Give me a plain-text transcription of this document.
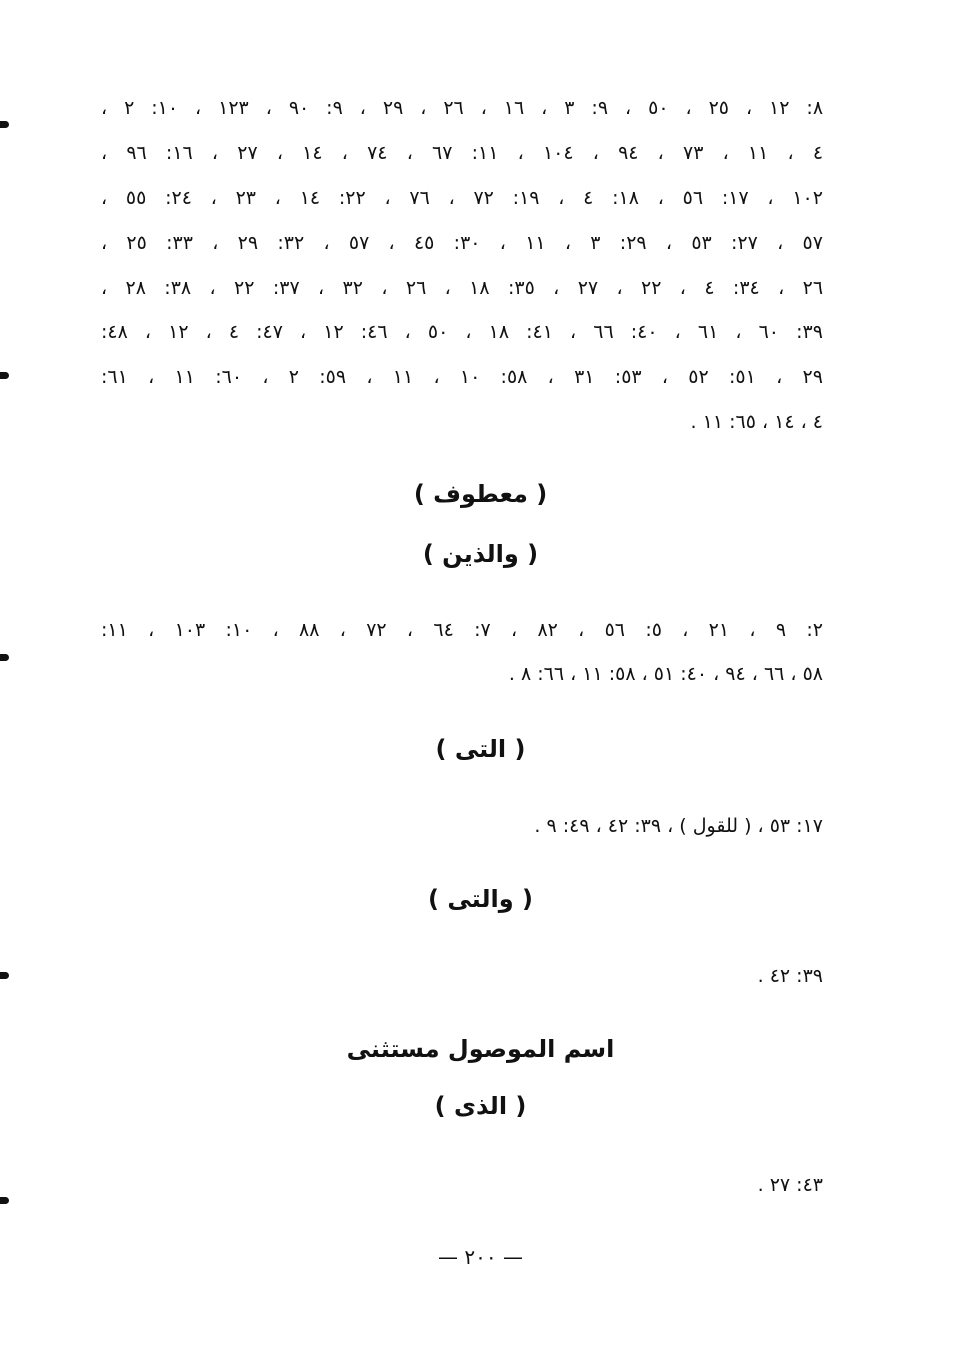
٨: ١٢ ، ٢٥ ، ٥٠ ، ٩: ٣ ، ١٦ ، ٢٦ ، ٢٩ ، ٩: ٩٠ ، ١٢٣ ، ١٠: ٢ ،
٤ ، ١١ ، ٧٣ ، ٩٤ ، ١٠٤ ، ١١: ٦٧ ، ٧٤ ، ١٤ ، ٢٧ ، ١٦: ٩٦ ،
١٠٢ ، ١٧: ٥٦ ، ١٨: ٤ ، ١٩: ٧٢ ، ٧٦ ، ٢٢: ١٤ ، ٢٣ ، ٢٤: ٥٥ ،
٥٧ ، ٢٧: ٥٣ ، ٢٩: ٣ ، ١١ ، ٣٠: ٤٥ ، ٥٧ ، ٣٢: ٢٩ ، ٣٣: ٢٥ ،
٢٦ ، ٣٤: ٤ ، ٢٢ ، ٢٧ ، ٣٥: ١٨ ، ٢٦ ، ٣٢ ، ٣٧: ٢٢ ، ٣٨: ٢٨ ،
٣٩: ٦٠ ، ٦١ ، ٤٠: ٦٦ ، ٤١: ١٨ ، ٥٠ ، ٤٦: ١٢ ، ٤٧: ٤ ، ١٢ ، ٤٨:
٢٩ ، ٥١: ٥٢ ، ٥٣: ٣١ ، ٥٨: ١٠ ، ١١ ، ٥٩: ٢ ، ٦٠: ١١ ، ٦١:
٤ ، ١٤ ، ٦٥: ١١ .
( معطوف )
( والذين )
٢: ٩ ، ٢١ ، ٥: ٥٦ ، ٨٢ ، ٧: ٦٤ ، ٧٢ ، ٨٨ ، ١٠: ١٠٣ ، ١١:
٥٨ ، ٦٦ ، ٩٤ ، ٤٠: ٥١ ، ٥٨: ١١ ، ٦٦: ٨ .
( التى )
١٧: ٥٣ ، ( للقول ) ، ٣٩: ٤٢ ، ٤٩: ٩ .
( والتى )
٣٩: ٤٢ .
اسم الموصول مستثنى
( الذى )
٤٣: ٢٧ .
— ٢٠٠ —
